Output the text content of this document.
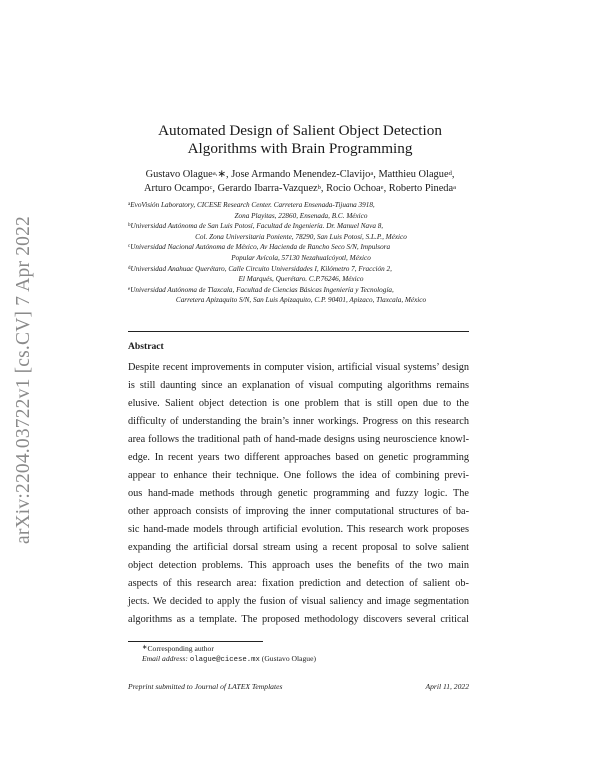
arXiv:2204.03722v1 [cs.CV] 7 Apr 2022
Automated Design of Salient Object Detection
Algorithms with Brain Programming
Gustavo Olague$^{a,}$∗, Jose Armando Menendez-Clavijo$^a$, Matthieu Olague$^d$,
Arturo Ocampo$^c$, Gerardo Ibarra-Vazquez$^b$, Rocio Ochoa$^e$, Roberto Pineda$^a$
$^a$EvoVisión Laboratory, CICESE Research Center. Carretera Ensenada-Tijuana 3918,
Zona Playitas, 22860, Ensenada, B.C. México
$^b$Universidad Autónoma de San Luis Potosí, Facultad de Ingeniería. Dr. Manuel Nava 8,
Col. Zona Universitaria Poniente, 78290, San Luis Potosí, S.L.P., México
$^c$Universidad Nacional Autónoma de México, Av Hacienda de Rancho Seco S/N, Impulsora
Popular Avícola, 57130 Nezahualcóyotl, México
$^d$Universidad Anahuac Querétaro, Calle Circuito Universidades I, Kilómetro 7, Fracción 2,
El Marqués, Querétaro. C.P.76246, México
$^e$Universidad Autónoma de Tlaxcala, Facultad de Ciencias Básicas Ingeniería y Tecnología,
Carretera Apizaquito S/N, San Luis Apizaquito, C.P. 90401, Apizaco, Tlaxcala, México
Abstract
Despite recent improvements in computer vision, artificial visual systems’ design
is still daunting since an explanation of visual computing algorithms remains
elusive. Salient object detection is one problem that is still open due to the
difficulty of understanding the brain’s inner workings. Progress on this research
area follows the traditional path of hand-made designs using neuroscience knowl-
edge. In recent years two different approaches based on genetic programming
appear to enhance their technique. One follows the idea of combining previ-
ous hand-made methods through genetic programming and fuzzy logic. The
other approach consists of improving the inner computational structures of ba-
sic hand-made models through artificial evolution. This research work proposes
expanding the artificial dorsal stream using a recent proposal to solve salient
object detection problems. This approach uses the benefits of the two main
aspects of this research area: fixation prediction and detection of salient ob-
jects. We decided to apply the fusion of visual saliency and image segmentation
algorithms as a template. The proposed methodology discovers several critical
∗Corresponding author
Email address: olague@cicese.mx (Gustavo Olague)
Preprint submitted to Journal of LATEX Templates	April 11, 2022
